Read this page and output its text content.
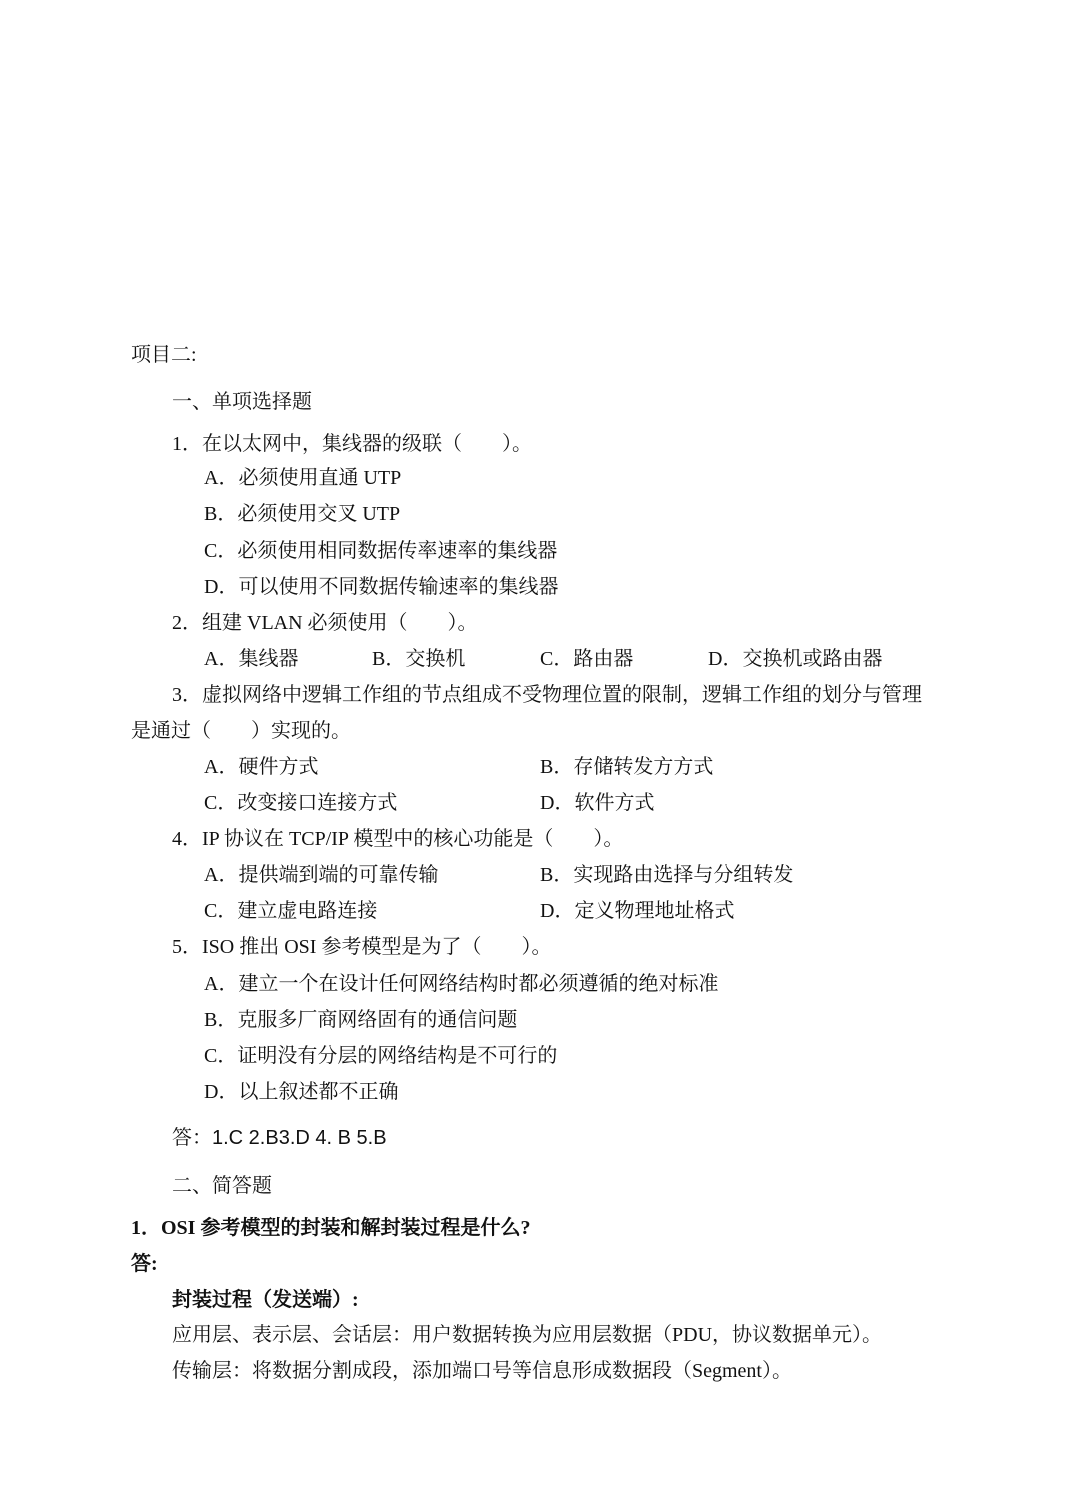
项目二:
一、单项选择题
1．在以太网中，集线器的级联（　　）。
A．必须使用直通 UTP
B．必须使用交叉 UTP
C．必须使用相同数据传率速率的集线器
D．可以使用不同数据传输速率的集线器
2．组建 VLAN 必须使用（　　）。
A．集线器	B．交换机	C．路由器	D．交换机或路由器
3．虚拟网络中逻辑工作组的节点组成不受物理位置的限制，逻辑工作组的划分与管理
是通过（　　）实现的。
A．硬件方式	B．存储转发方方式
C．改变接口连接方式	D．软件方式
4．IP 协议在 TCP/IP 模型中的核心功能是（　　）。
A．提供端到端的可靠传输	B．实现路由选择与分组转发
C．建立虚电路连接	D．定义物理地址格式
5．ISO 推出 OSI 参考模型是为了（　　）。
A．建立一个在设计任何网络结构时都必须遵循的绝对标准
B．克服多厂商网络固有的通信问题
C．证明没有分层的网络结构是不可行的
D．以上叙述都不正确
答：1.C 2.B3.D 4. B 5.B
二、简答题
1．OSI 参考模型的封装和解封装过程是什么?
答:
封装过程（发送端）:
应用层、表示层、会话层：用户数据转换为应用层数据（PDU，协议数据单元）。
传输层：将数据分割成段，添加端口号等信息形成数据段（Segment）。
